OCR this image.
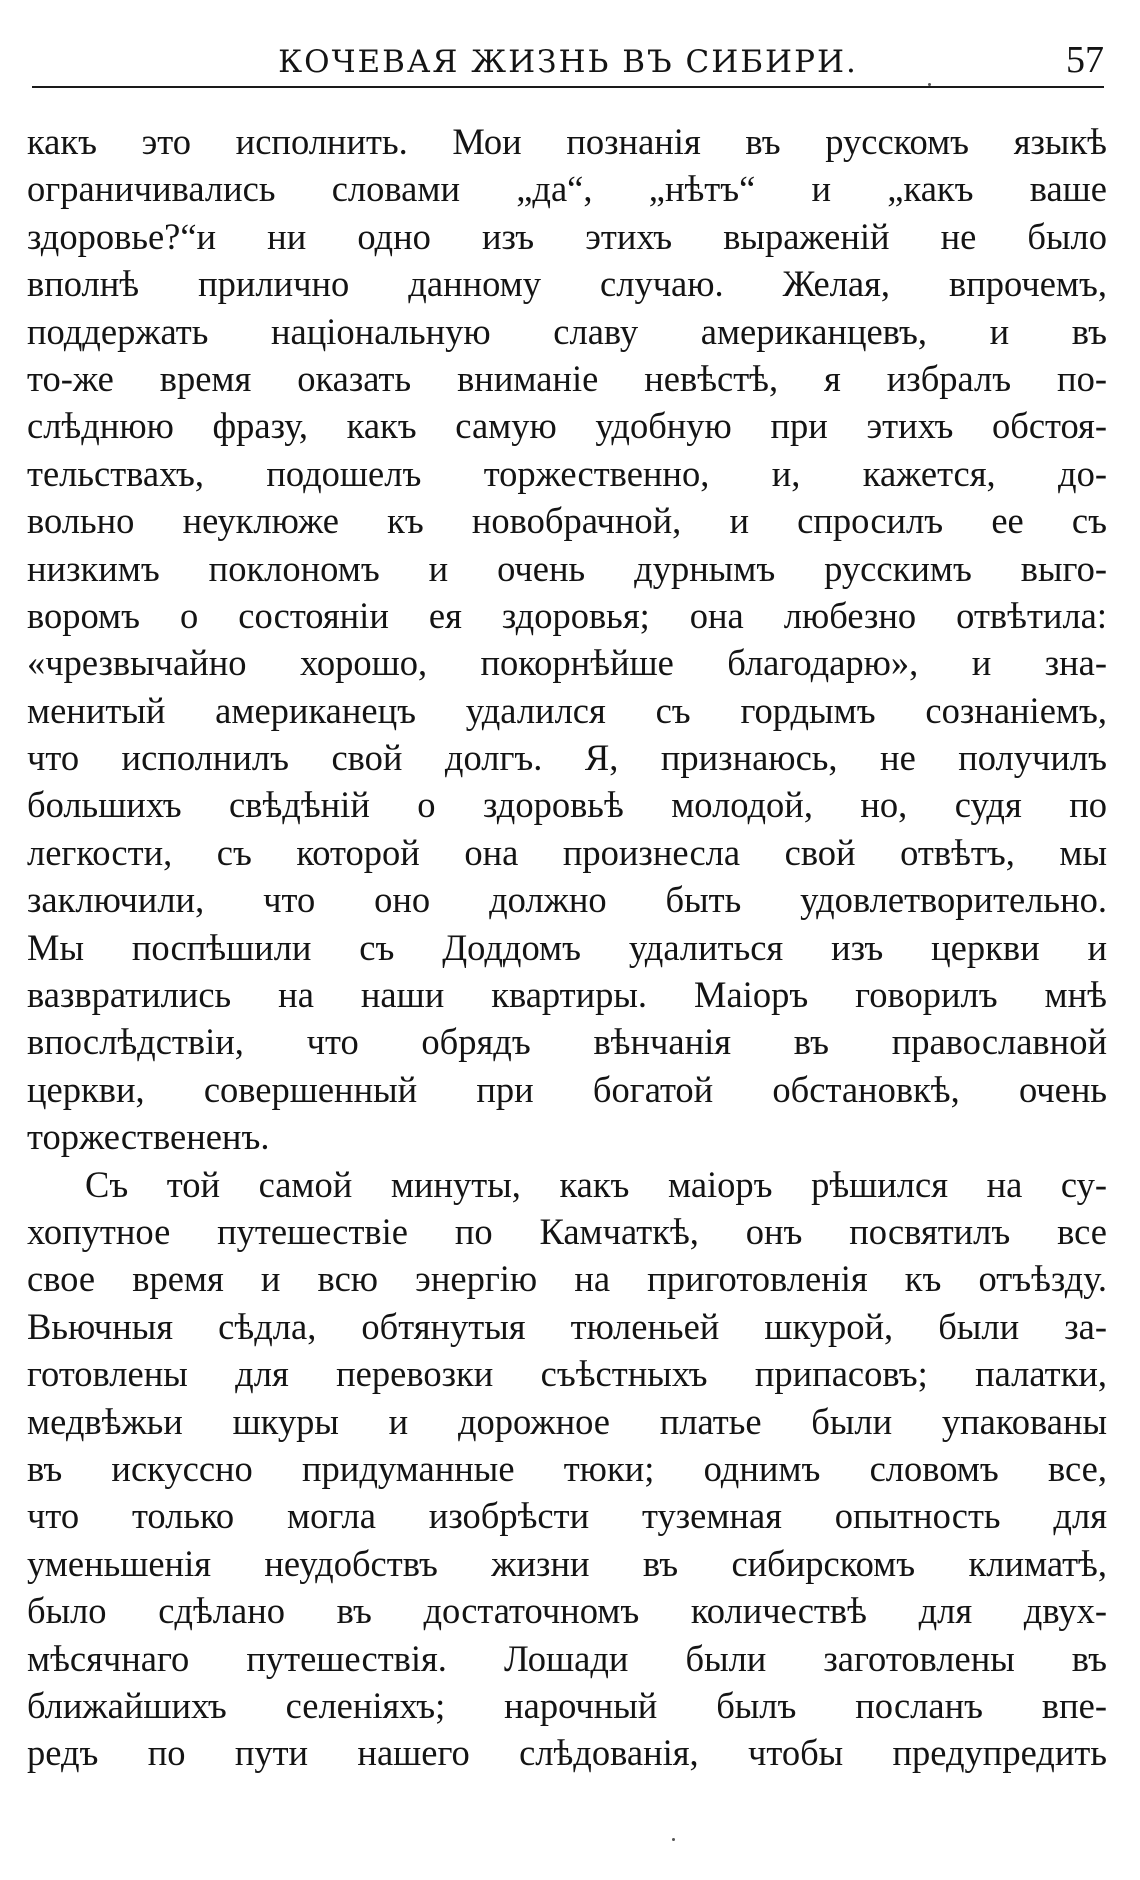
КОЧЕВАЯ ЖИЗНЬ ВЪ СИБИРИ.	57
какъ это исполнить. Мои познанія въ русскомъ языкѣ
ограничивались словами „да“, „нѣтъ“ и „какъ ваше
здоровье?“и ни одно изъ этихъ выраженій не было
вполнѣ прилично данному случаю. Желая, впрочемъ,
поддержать національную славу американцевъ, и въ
то-же время оказать вниманіе невѣстѣ, я избралъ по-
слѣднюю фразу, какъ самую удобную при этихъ обстоя-
тельствахъ, подошелъ торжественно, и, кажется, до-
вольно неуклюже къ новобрачной, и спросилъ ее съ
низкимъ поклономъ и очень дурнымъ русскимъ выго-
воромъ о состояніи ея здоровья; она любезно отвѣтила:
«чрезвычайно хорошо, покорнѣйше благодарю», и зна-
менитый американецъ удалился съ гордымъ сознаніемъ,
что исполнилъ свой долгъ. Я, признаюсь, не получилъ
большихъ свѣдѣній о здоровьѣ молодой, но, судя по
легкости, съ которой она произнесла свой отвѣтъ, мы
заключили, что оно должно быть удовлетворительно.
Мы поспѣшили съ Доддомъ удалиться изъ церкви и
вазвратились на наши квартиры. Маіоръ говорилъ мнѣ
впослѣдствіи, что обрядъ вѣнчанія въ православной
церкви, совершенный при богатой обстановкѣ, очень
торжествененъ.
Съ той самой минуты, какъ маіоръ рѣшился на су-
хопутное путешествіе по Камчаткѣ, онъ посвятилъ все
свое время и всю энергію на приготовленія къ отъѣзду.
Вьючныя сѣдла, обтянутыя тюленьей шкурой, были за-
готовлены для перевозки съѣстныхъ припасовъ; палатки,
медвѣжьи шкуры и дорожное платье были упакованы
въ искусcно придуманные тюки; однимъ словомъ все,
что только могла изобрѣсти туземная опытность для
уменьшенія неудобствъ жизни въ сибирскомъ климатѣ,
было сдѣлано въ достаточномъ количествѣ для двух-
мѣсячнаго путешествія. Лошади были заготовлены въ
ближайшихъ селеніяхъ; нарочный былъ посланъ впе-
редъ по пути нашего слѣдованія, чтобы предупредить
